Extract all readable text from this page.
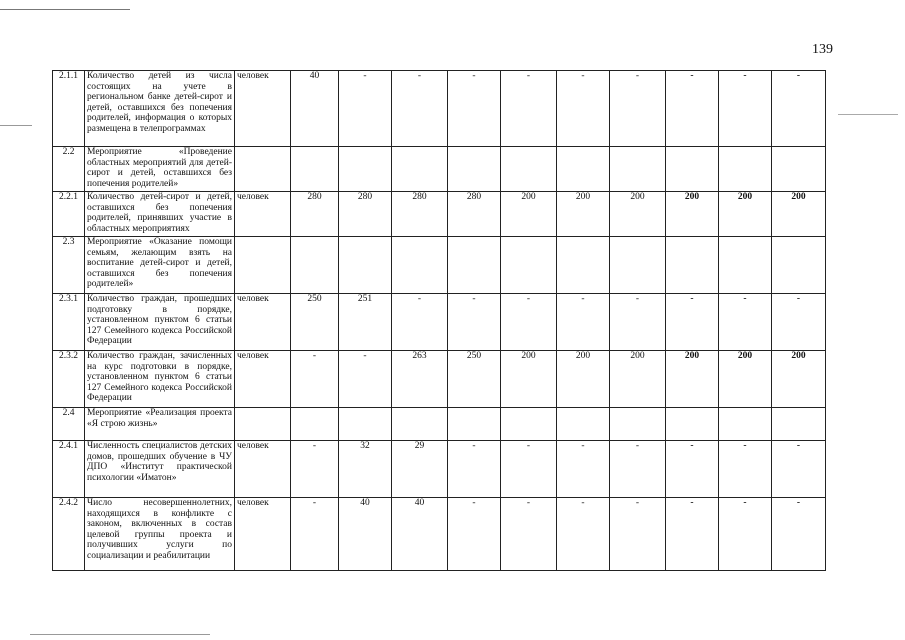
139
2.1.1	Количество детей из числа состоящих на учете в региональном банке детей-сирот и детей, оставшихся без попечения родителей, информация о которых размещена в телепрограммах	человек	40	-	-	-	-	-	-	-	-	-
2.2	Мероприятие «Проведение областных мероприятий для детей-сирот и детей, оставшихся без попечения родителей»											
2.2.1	Количество детей-сирот и детей, оставшихся без попечения родителей, принявших участие в областных мероприятиях	человек	280	280	280	280	200	200	200	200	200	200
2.3	Мероприятие «Оказание помощи семьям, желающим взять на воспитание детей-сирот и детей, оставшихся без попечения родителей»											
2.3.1	Количество граждан, прошедших подготовку в порядке, установленном пунктом 6 статьи 127 Семейного кодекса Российской Федерации	человек	250	251	-	-	-	-	-	-	-	-
2.3.2	Количество граждан, зачисленных на курс подготовки в порядке, установленном пунктом 6 статьи 127 Семейного кодекса Российской Федерации	человек	-	-	263	250	200	200	200	200	200	200
2.4	Мероприятие «Реализация проекта «Я строю жизнь»											
2.4.1	Численность специалистов детских домов, прошедших обучение в ЧУ ДПО «Институт практической психологии «Иматон»	человек	-	32	29	-	-	-	-	-	-	-
2.4.2	Число несовершеннолетних, находящихся в конфликте с законом, включенных в состав целевой группы проекта и получивших услуги по социализации и реабилитации	человек	-	40	40	-	-	-	-	-	-	-
